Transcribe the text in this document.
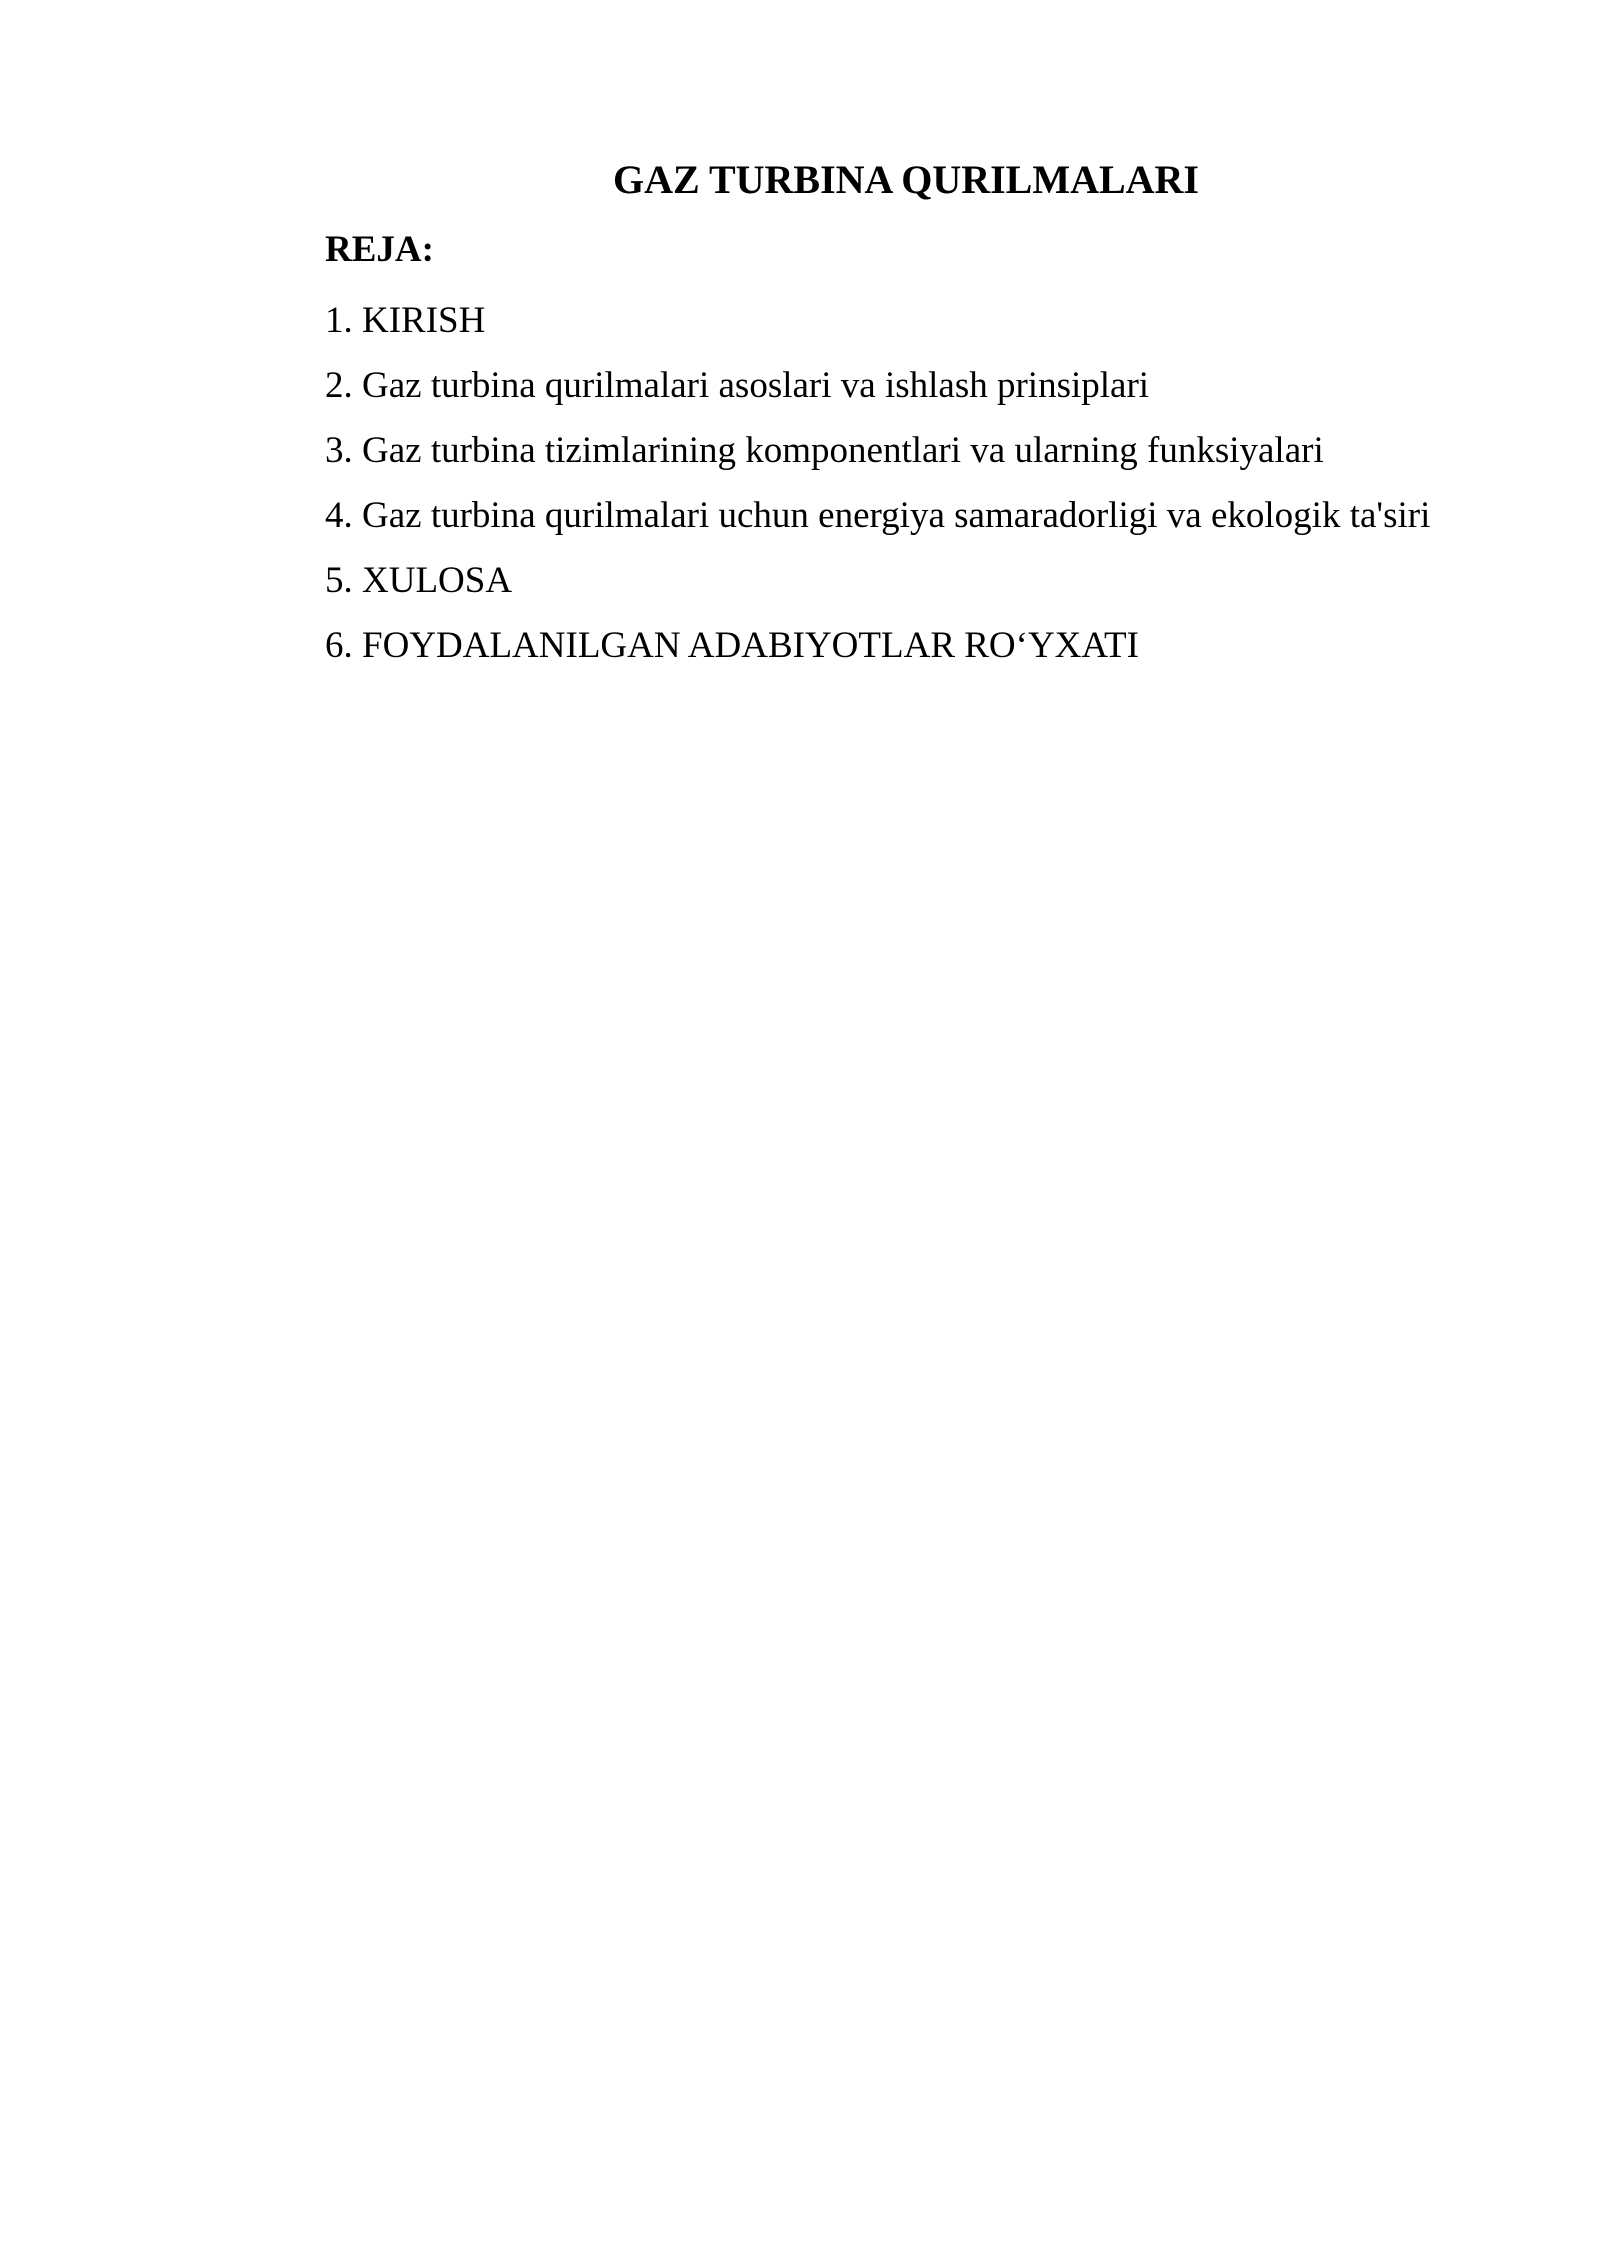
GAZ TURBINA QURILMALARI

REJA:

1. KIRISH
2. Gaz turbina qurilmalari asoslari va ishlash prinsiplari
3. Gaz turbina tizimlarining komponentlari va ularning funksiyalari
4. Gaz turbina qurilmalari uchun energiya samaradorligi va ekologik ta'siri
5. XULOSA
6. FOYDALANILGAN ADABIYOTLAR RO‘YXATI
